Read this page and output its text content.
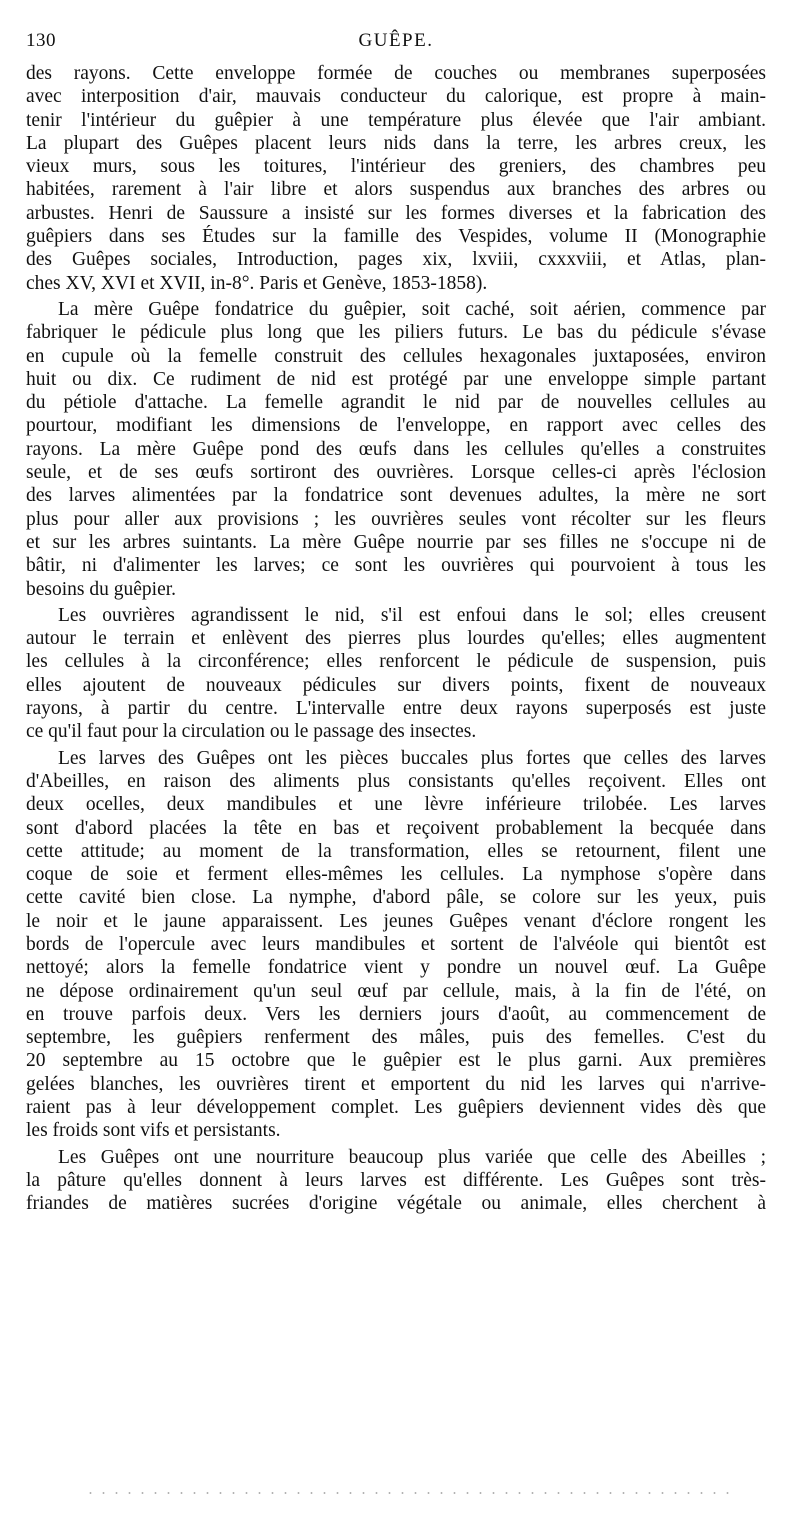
130	GUÊPE.
des rayons. Cette enveloppe formée de couches ou membranes superposées
avec interposition d'air, mauvais conducteur du calorique, est propre à main-
tenir l'intérieur du guêpier à une température plus élevée que l'air ambiant.
La plupart des Guêpes placent leurs nids dans la terre, les arbres creux, les
vieux murs, sous les toitures, l'intérieur des greniers, des chambres peu
habitées, rarement à l'air libre et alors suspendus aux branches des arbres ou
arbustes. Henri de Saussure a insisté sur les formes diverses et la fabrication des
guêpiers dans ses Études sur la famille des Vespides, volume II (Monographie
des Guêpes sociales, Introduction, pages xix, lxviii, cxxxviii, et Atlas, plan-
ches XV, XVI et XVII, in-8°. Paris et Genève, 1853-1858).
La mère Guêpe fondatrice du guêpier, soit caché, soit aérien, commence par
fabriquer le pédicule plus long que les piliers futurs. Le bas du pédicule s'évase
en cupule où la femelle construit des cellules hexagonales juxtaposées, environ
huit ou dix. Ce rudiment de nid est protégé par une enveloppe simple partant
du pétiole d'attache. La femelle agrandit le nid par de nouvelles cellules au
pourtour, modifiant les dimensions de l'enveloppe, en rapport avec celles des
rayons. La mère Guêpe pond des œufs dans les cellules qu'elles a construites
seule, et de ses œufs sortiront des ouvrières. Lorsque celles-ci après l'éclosion
des larves alimentées par la fondatrice sont devenues adultes, la mère ne sort
plus pour aller aux provisions ; les ouvrières seules vont récolter sur les fleurs
et sur les arbres suintants. La mère Guêpe nourrie par ses filles ne s'occupe ni de
bâtir, ni d'alimenter les larves; ce sont les ouvrières qui pourvoient à tous les
besoins du guêpier.
Les ouvrières agrandissent le nid, s'il est enfoui dans le sol; elles creusent
autour le terrain et enlèvent des pierres plus lourdes qu'elles; elles augmentent
les cellules à la circonférence; elles renforcent le pédicule de suspension, puis
elles ajoutent de nouveaux pédicules sur divers points, fixent de nouveaux
rayons, à partir du centre. L'intervalle entre deux rayons superposés est juste
ce qu'il faut pour la circulation ou le passage des insectes.
Les larves des Guêpes ont les pièces buccales plus fortes que celles des larves
d'Abeilles, en raison des aliments plus consistants qu'elles reçoivent. Elles ont
deux ocelles, deux mandibules et une lèvre inférieure trilobée. Les larves
sont d'abord placées la tête en bas et reçoivent probablement la becquée dans
cette attitude; au moment de la transformation, elles se retournent, filent une
coque de soie et ferment elles-mêmes les cellules. La nymphose s'opère dans
cette cavité bien close. La nymphe, d'abord pâle, se colore sur les yeux, puis
le noir et le jaune apparaissent. Les jeunes Guêpes venant d'éclore rongent les
bords de l'opercule avec leurs mandibules et sortent de l'alvéole qui bientôt est
nettoyé; alors la femelle fondatrice vient y pondre un nouvel œuf. La Guêpe
ne dépose ordinairement qu'un seul œuf par cellule, mais, à la fin de l'été, on
en trouve parfois deux. Vers les derniers jours d'août, au commencement de
septembre, les guêpiers renferment des mâles, puis des femelles. C'est du
20 septembre au 15 octobre que le guêpier est le plus garni. Aux premières
gelées blanches, les ouvrières tirent et emportent du nid les larves qui n'arrive-
raient pas à leur développement complet. Les guêpiers deviennent vides dès que
les froids sont vifs et persistants.
Les Guêpes ont une nourriture beaucoup plus variée que celle des Abeilles ;
la pâture qu'elles donnent à leurs larves est différente. Les Guêpes sont très-
friandes de matières sucrées d'origine végétale ou animale, elles cherchent à
